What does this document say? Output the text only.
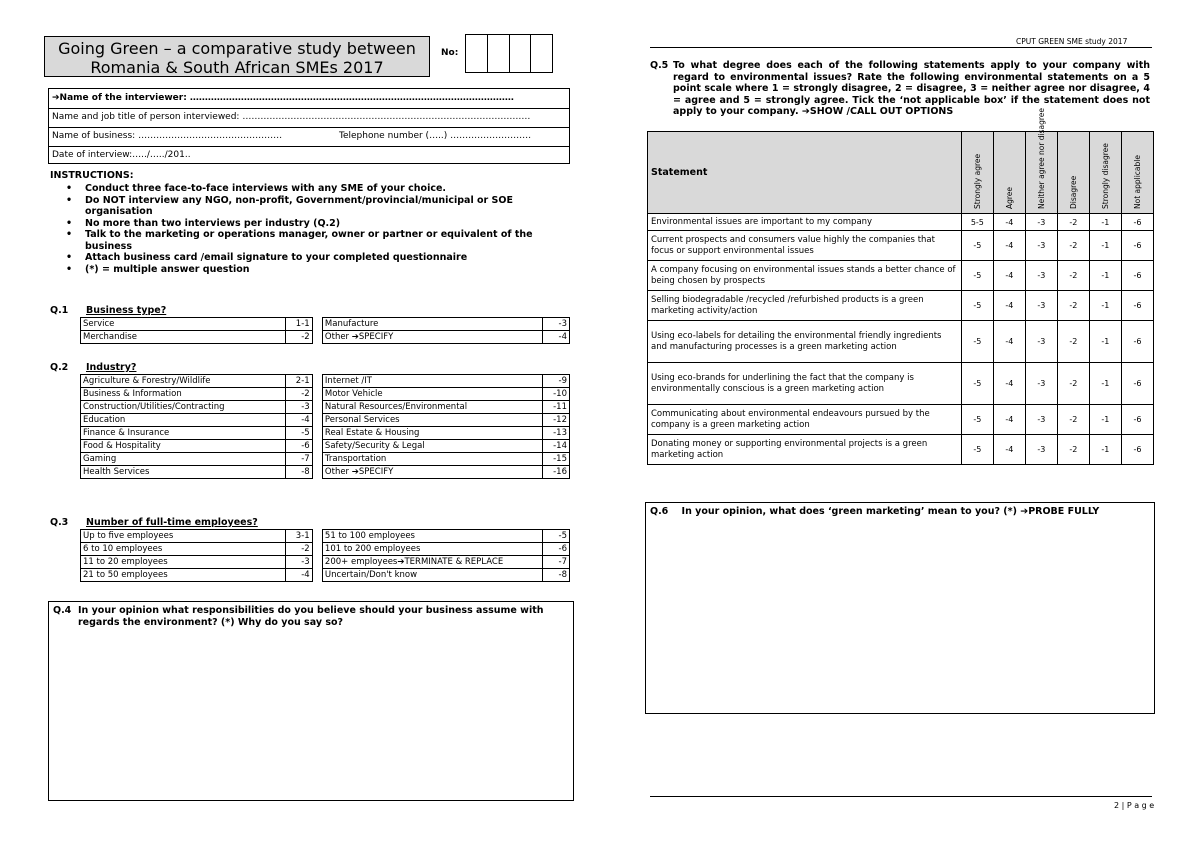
Going Green – a comparative study between Romania & South African SMEs 2017
No:
➔Name of the interviewer: ………………………………………………………………………………………………
Name and job title of person interviewed: ……………………………………………………………………………………
Name of business: …………………………………………	Telephone number (…..) ………………………
Date of interview:…../…../201..
INSTRUCTIONS:
• Conduct three face-to-face interviews with any SME of your choice.
• Do NOT interview any NGO, non-profit, Government/provincial/municipal or SOE organisation
• No more than two interviews per industry (Q.2)
• Talk to the marketing or operations manager, owner or partner or equivalent of the business
• Attach business card /email signature to your completed questionnaire
• (*) = multiple answer question
Q.1 Business type?
Service	1-1		Manufacture	-3
Merchandise	-2		Other ➔SPECIFY	-4
Q.2 Industry?
Agriculture & Forestry/Wildlife	2-1		Internet /IT	-9
Business & Information	-2		Motor Vehicle	-10
Construction/Utilities/Contracting	-3		Natural Resources/Environmental	-11
Education	-4		Personal Services	-12
Finance & Insurance	-5		Real Estate & Housing	-13
Food & Hospitality	-6		Safety/Security & Legal	-14
Gaming	-7		Transportation	-15
Health Services	-8		Other ➔SPECIFY	-16
Q.3 Number of full-time employees?
Up to five employees	3-1		51 to 100 employees	-5
6 to 10 employees	-2		101 to 200 employees	-6
11 to 20 employees	-3		200+ employees➔TERMINATE & REPLACE	-7
21 to 50 employees	-4		Uncertain/Don't know	-8
Q.4 In your opinion what responsibilities do you believe should your business assume with regards the environment? (*) Why do you say so?
CPUT GREEN SME study 2017
Q.5 To what degree does each of the following statements apply to your company with regard to environmental issues? Rate the following environmental statements on a 5 point scale where 1 = strongly disagree, 2 = disagree, 3 = neither agree nor disagree, 4 = agree and 5 = strongly agree. Tick the ‘not applicable box’ if the statement does not apply to your company. ➔SHOW /CALL OUT OPTIONS
Statement	Strongly agree	Agree	Neither agree nor disagree	Disagree	Strongly disagree	Not applicable

Environmental issues are important to my company	5-5	-4	-3	-2	-1	-6
Current prospects and consumers value highly the companies that focus or support environmental issues	-5	-4	-3	-2	-1	-6
A company focusing on environmental issues stands a better chance of being chosen by prospects	-5	-4	-3	-2	-1	-6
Selling biodegradable /recycled /refurbished products is a green marketing activity/action	-5	-4	-3	-2	-1	-6
Using eco-labels for detailing the environmental friendly ingredients and manufacturing processes is a green marketing action	-5	-4	-3	-2	-1	-6
Using eco-brands for underlining the fact that the company is environmentally conscious is a green marketing action	-5	-4	-3	-2	-1	-6
Communicating about environmental endeavours pursued by the company is a green marketing action	-5	-4	-3	-2	-1	-6
Donating money or supporting environmental projects is a green marketing action	-5	-4	-3	-2	-1	-6
Q.6 In your opinion, what does ‘green marketing’ mean to you? (*) ➔PROBE FULLY
2 | P a g e
